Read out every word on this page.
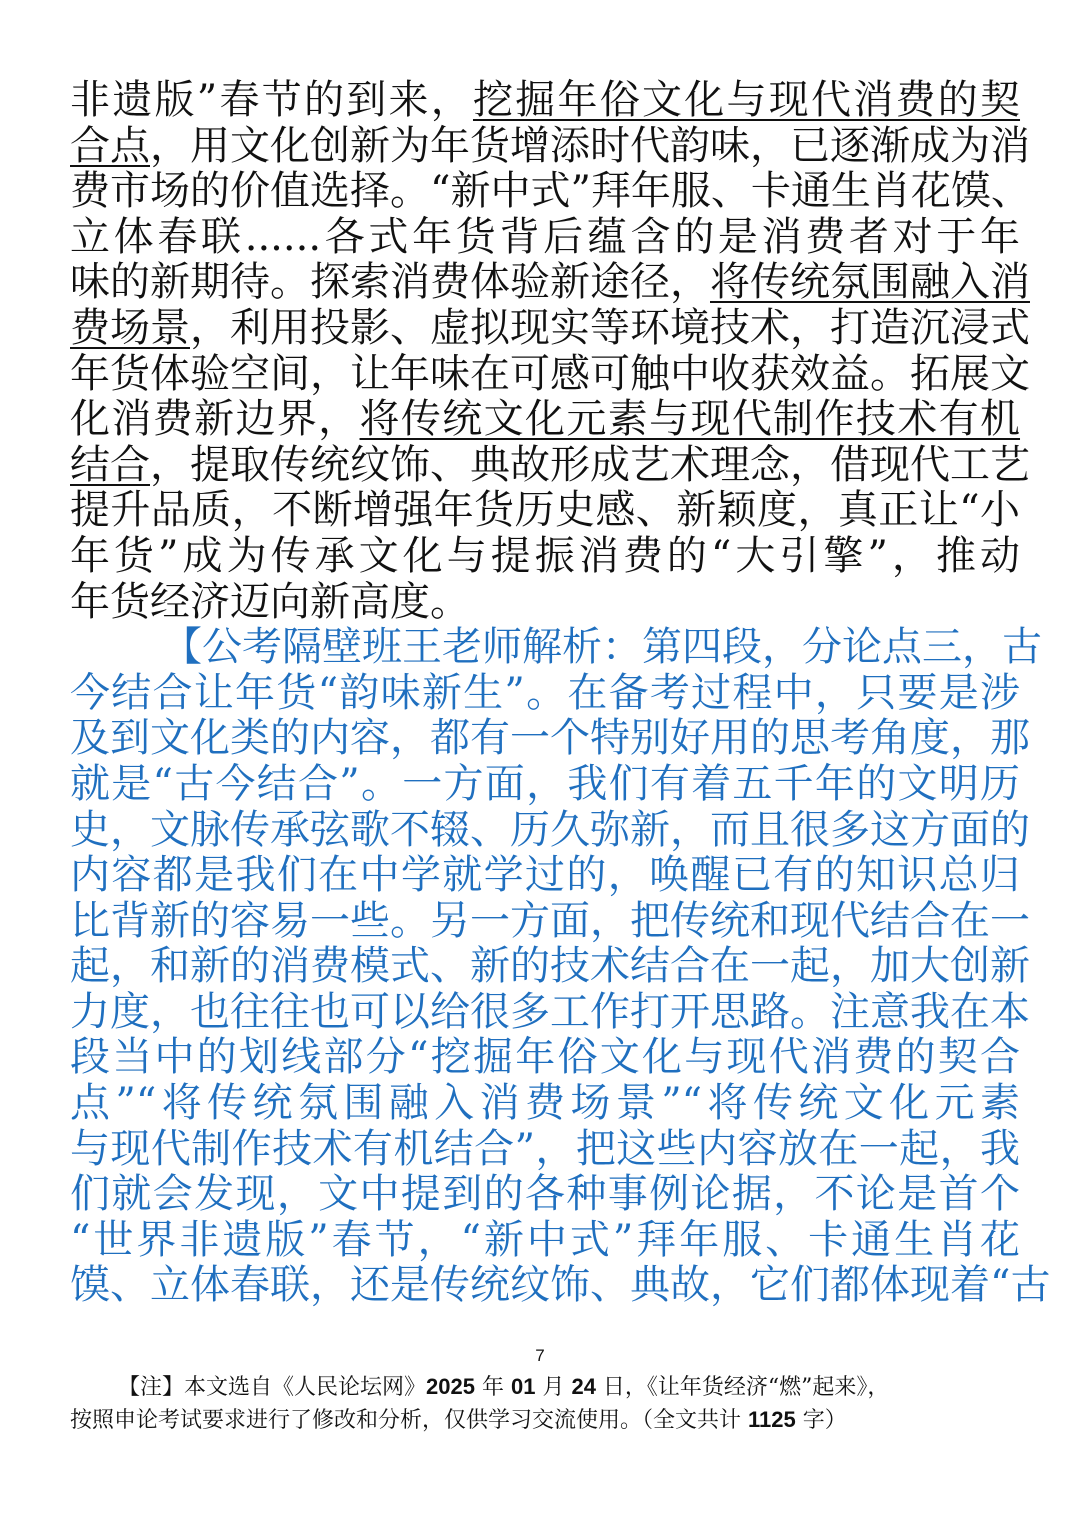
非遗版”春节的到来，挖掘年俗文化与现代消费的契
合点，用文化创新为年货增添时代韵味，已逐渐成为消
费市场的价值选择。“新中式”拜年服、卡通生肖花馍、
立体春联......各式年货背后蕴含的是消费者对于年
味的新期待。探索消费体验新途径，将传统氛围融入消
费场景，利用投影、虚拟现实等环境技术，打造沉浸式
年货体验空间，让年味在可感可触中收获效益。拓展文
化消费新边界，将传统文化元素与现代制作技术有机
结合，提取传统纹饰、典故形成艺术理念，借现代工艺
提升品质，不断增强年货历史感、新颖度，真正让“小
年货”成为传承文化与提振消费的“大引擎”，推动
年货经济迈向新高度。
【公考隔壁班王老师解析：第四段，分论点三，古
今结合让年货“韵味新生”。在备考过程中，只要是涉
及到文化类的内容，都有一个特别好用的思考角度，那
就是“古今结合”。一方面，我们有着五千年的文明历
史，文脉传承弦歌不辍、历久弥新，而且很多这方面的
内容都是我们在中学就学过的，唤醒已有的知识总归
比背新的容易一些。另一方面，把传统和现代结合在一
起，和新的消费模式、新的技术结合在一起，加大创新
力度，也往往也可以给很多工作打开思路。注意我在本
段当中的划线部分“挖掘年俗文化与现代消费的契合
点”“将传统氛围融入消费场景”“将传统文化元素
与现代制作技术有机结合”，把这些内容放在一起，我
们就会发现，文中提到的各种事例论据，不论是首个
“世界非遗版”春节，“新中式”拜年服、卡通生肖花
馍、立体春联，还是传统纹饰、典故，它们都体现着“古
7
【注】本文选自《人民论坛网》2025 年 01 月 24 日，《让年货经济“燃”起来》，
按照申论考试要求进行了修改和分析，仅供学习交流使用。（全文共计 1125 字）
